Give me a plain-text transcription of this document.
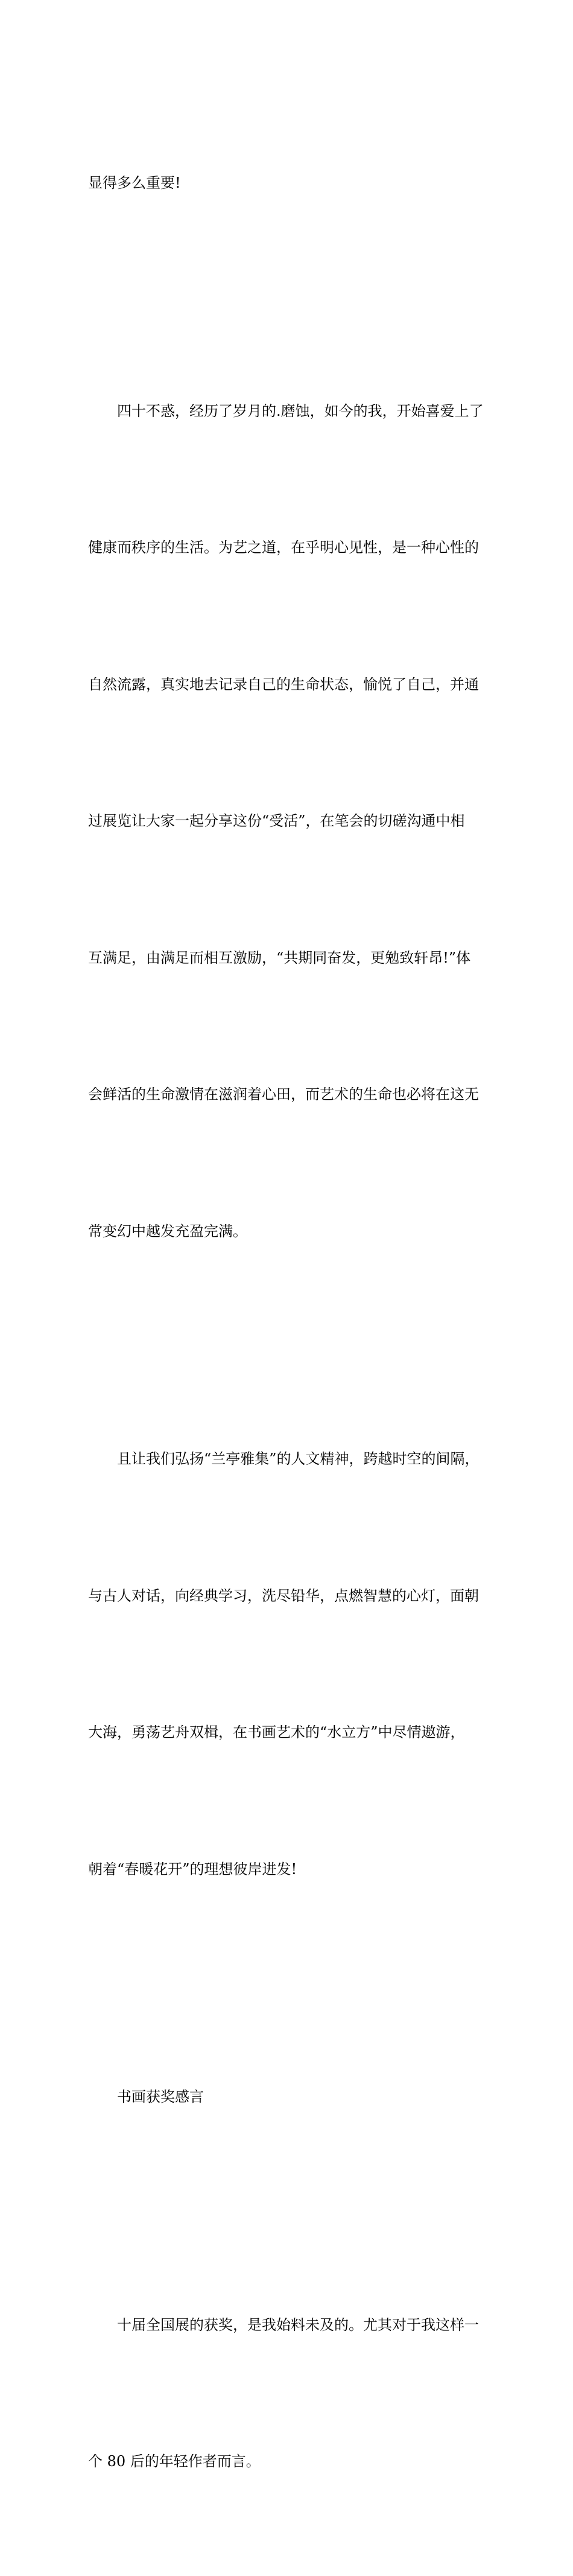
显得多么重要!

四十不惑，经历了岁月的.磨蚀，如今的我，开始喜爱上了

健康而秩序的生活。为艺之道，在乎明心见性，是一种心性的

自然流露，真实地去记录自己的生命状态，愉悦了自己，并通

过展览让大家一起分享这份“受活”，在笔会的切磋沟通中相

互满足，由满足而相互激励，“共期同奋发，更勉致轩昂!”体

会鲜活的生命激情在滋润着心田，而艺术的生命也必将在这无

常变幻中越发充盈完满。

且让我们弘扬“兰亭雅集”的人文精神，跨越时空的间隔，

与古人对话，向经典学习，洗尽铅华，点燃智慧的心灯，面朝

大海，勇荡艺舟双楫，在书画艺术的“水立方”中尽情遨游，

朝着“春暖花开”的理想彼岸进发!

书画获奖感言

十届全国展的获奖，是我始料未及的。尤其对于我这样一

个 80 后的年轻作者而言。
